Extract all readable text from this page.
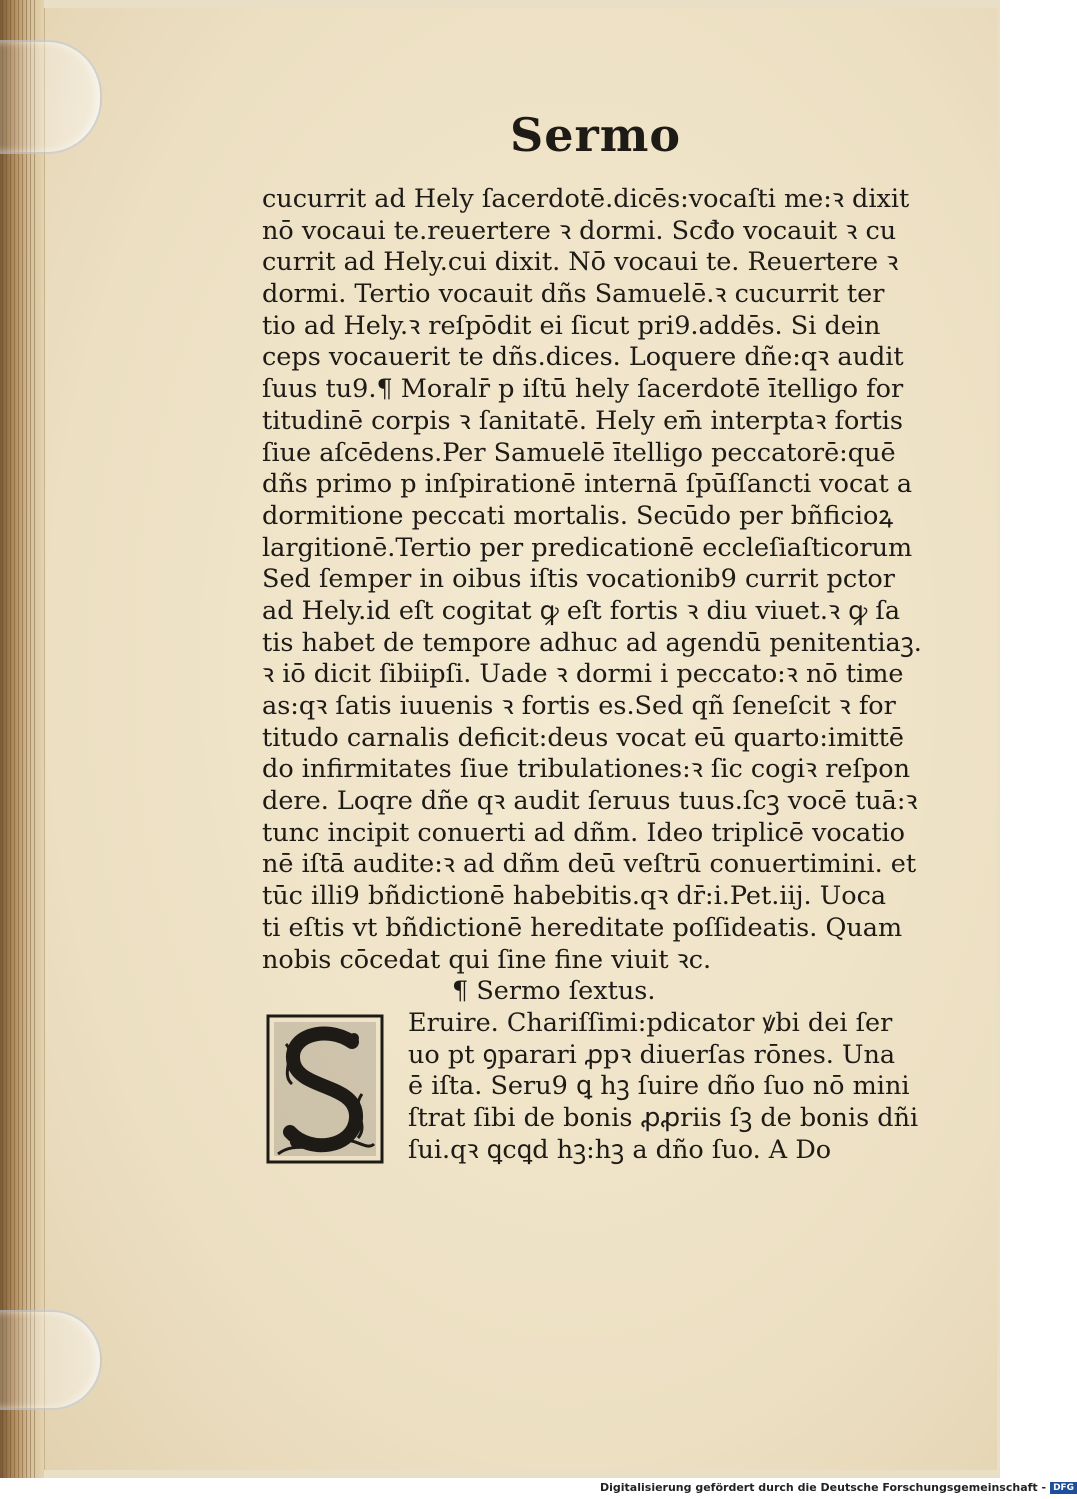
Sermo
cucurrit ad Hely ſacerdotē.dicēs:vocaſti me:ꝛ dixit
nō vocaui te.reuertere ꝛ dormi. Scđo vocauit ꝛ cu
currit ad Hely.cui dixit. Nō vocaui te. Reuertere ꝛ
dormi. Tertio vocauit dñs Samuelē.ꝛ cucurrit ter
tio ad Hely.ꝛ reſpōdit ei ſicut pri9.addēs. Si dein
ceps vocauerit te dñs.dices. Loquere dñe:qꝛ audit
ſuus tu9.¶ Moralr̄ p iſtū hely ſacerdotē ītelligo for
titudinē corpis ꝛ ſanitatē. Hely em̄ interptaꝛ fortis
ſiue aſcēdens.Per Samuelē ītelligo peccatorē:quē
dñs primo p inſpirationē internā ſpūſſancti vocat a
dormitione peccati mortalis. Secūdo per bñficioꝝ
largitionē.Tertio per predicationē eccleſiaſticorum
Sed ſemper in oibus iſtis vocationib9 currit pctor
ad Hely.id eſt cogitat ꝙ eſt fortis ꝛ diu viuet.ꝛ ꝙ ſa
tis habet de tempore adhuc ad agendū penitentiaꝫ.
ꝛ iō dicit ſibiipſi. Uade ꝛ dormi i peccato:ꝛ nō time
as:qꝛ ſatis iuuenis ꝛ fortis es.Sed qñ ſeneſcit ꝛ for
titudo carnalis deficit:deus vocat eū quarto:imittē
do infirmitates ſiue tribulationes:ꝛ ſic cogiꝛ reſpon
dere. Loqre dñe qꝛ audit ſeruus tuus.ſcꝫ vocē tuā:ꝛ
tunc incipit conuerti ad dñm. Ideo triplicē vocatio
nē iſtā audite:ꝛ ad dñm deū veſtrū conuertimini. et
tūc illi9 bñdictionē habebitis.qꝛ dr̄:i.Pet.iij. Uoca
ti eſtis vt bñdictionē hereditate poſſideatis. Quam
nobis cōcedat qui ſine fine viuit ꝛc.
¶ Sermo ſextus.
Eruire. Chariſſimi:pdicator ꝟbi dei ſer
uo pt ꝯparari ꝓpꝛ diuerſas rōnes. Una
ē iſta. Seru9 ꝗ hꝫ ſuire dño ſuo nō mini
ſtrat ſibi de bonis ꝓꝓriis ſꝫ de bonis dñi
ſui.qꝛ ꝗcꝗd hꝫ:hꝫ a dño ſuo. A Do
Digitalisierung gefördert durch die Deutsche Forschungsgemeinschaft - DFG
